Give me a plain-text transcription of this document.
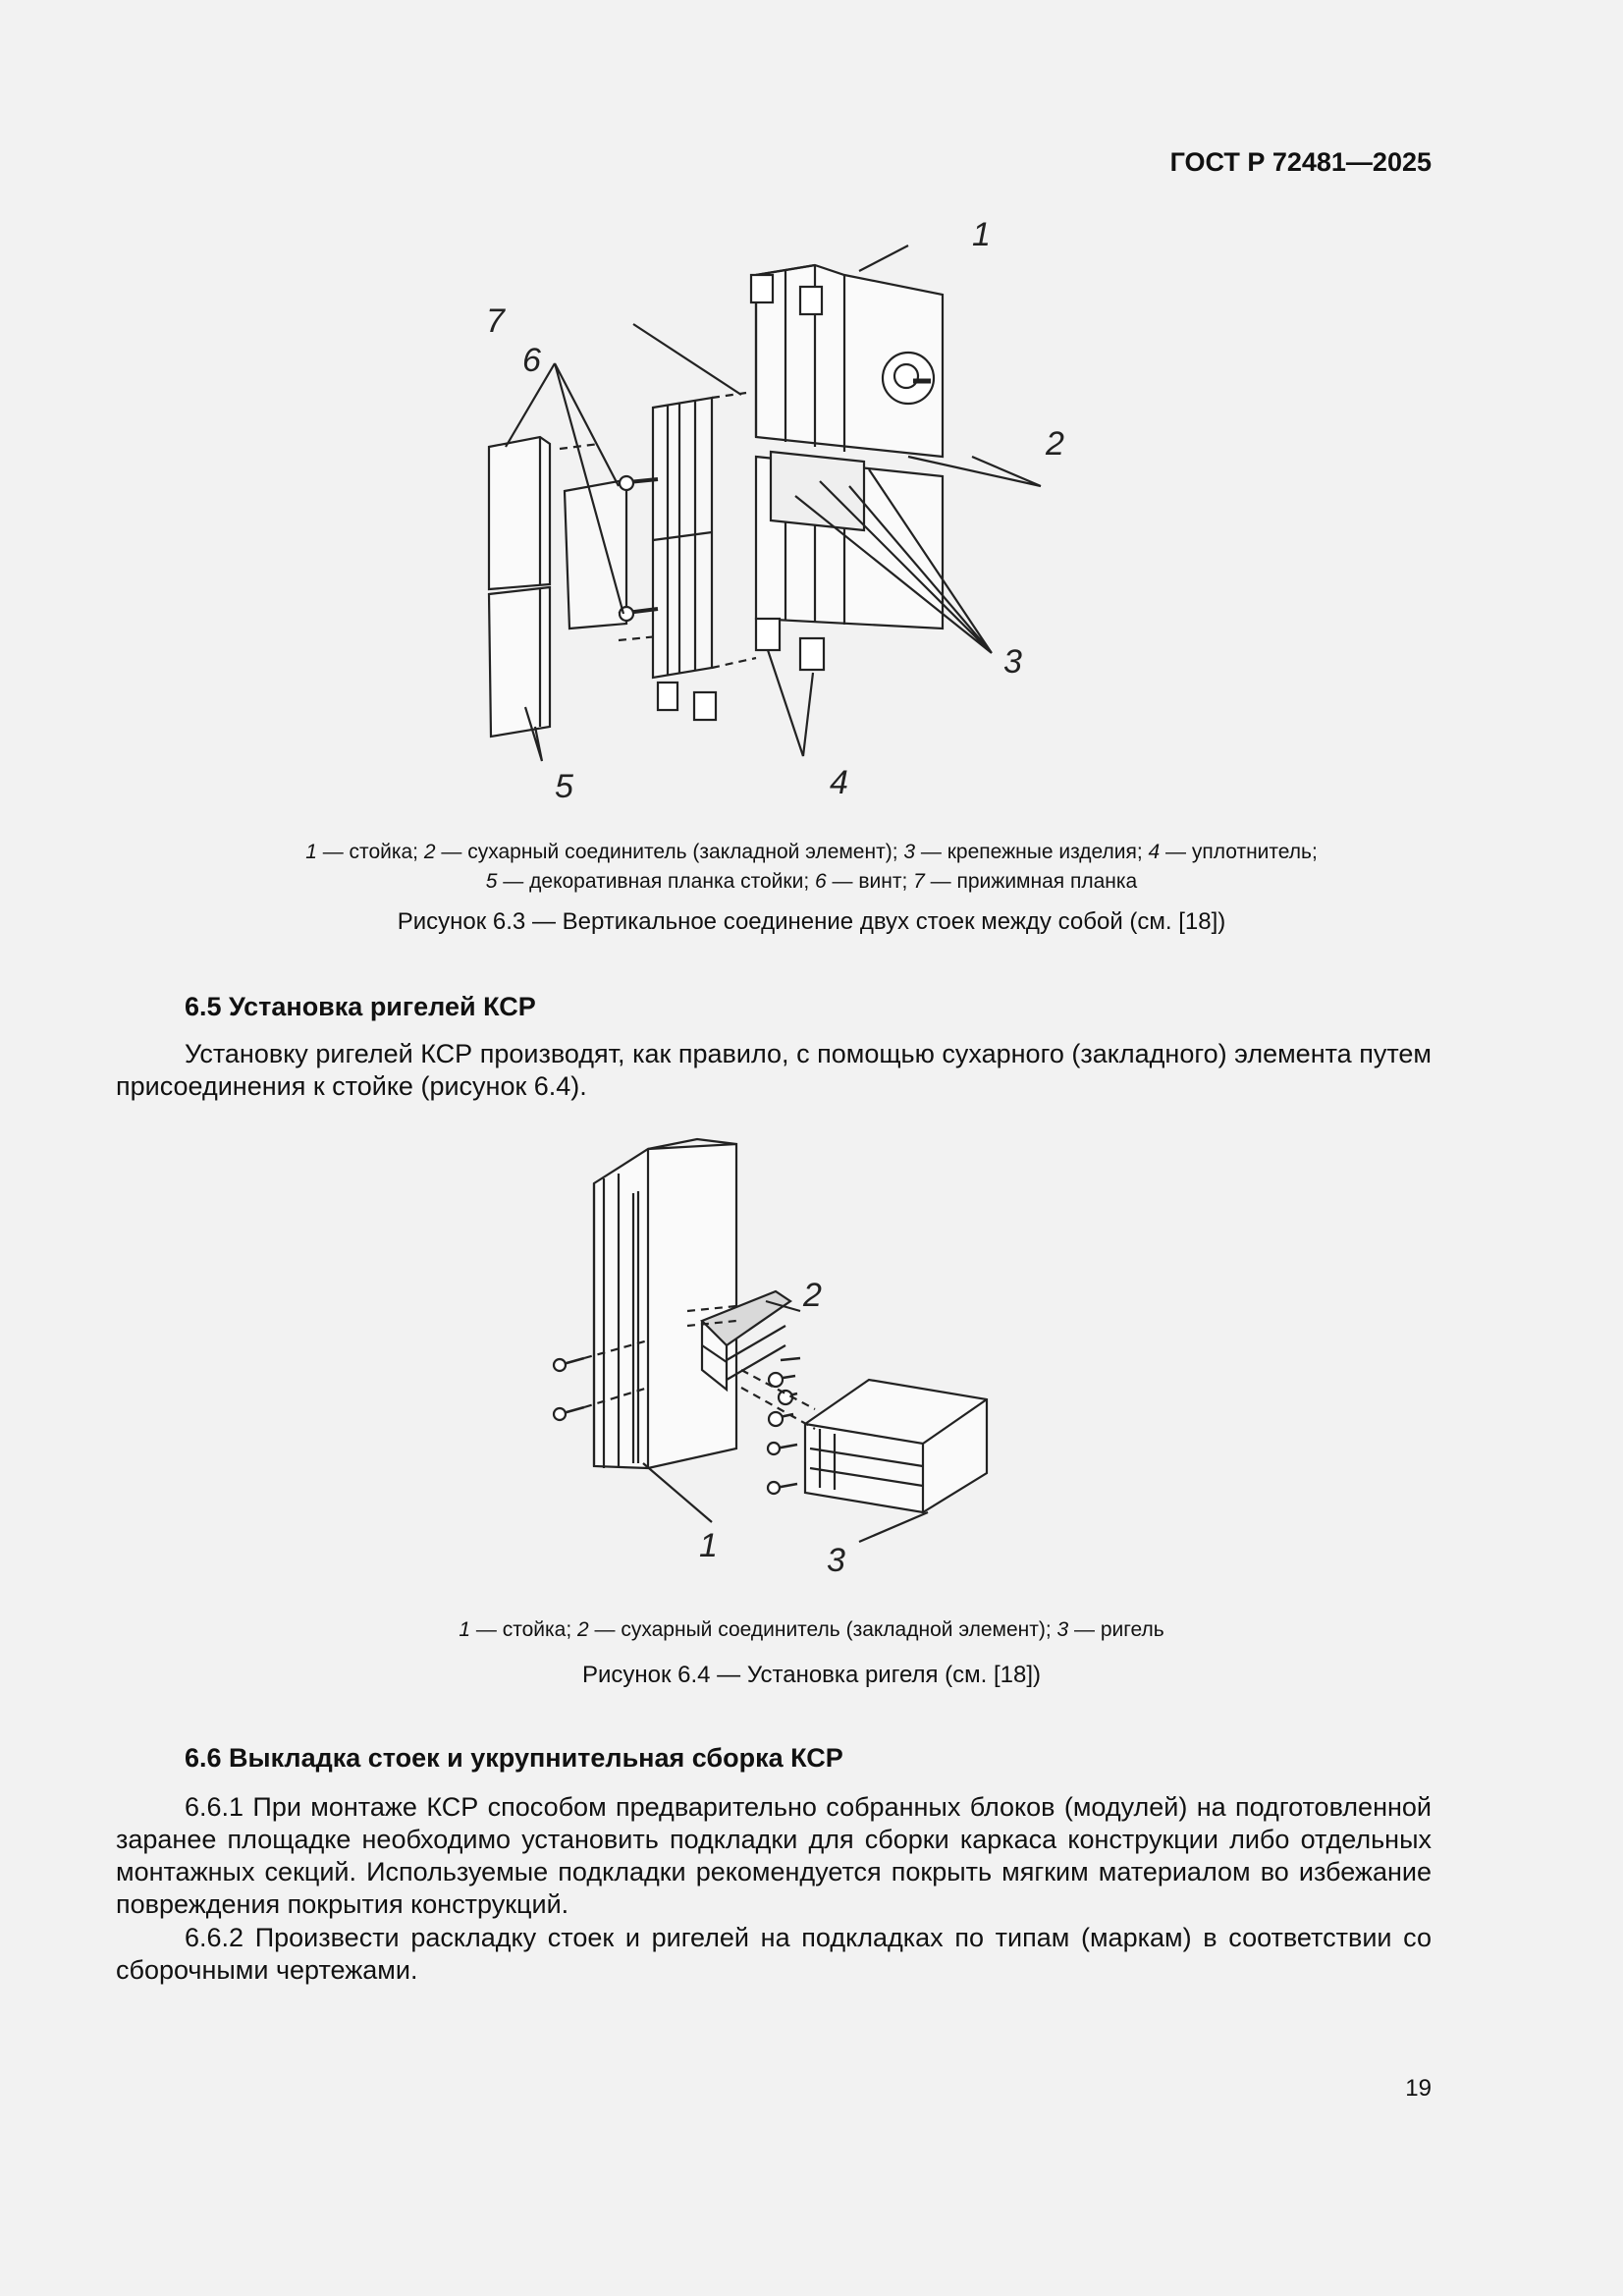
ГОСТ Р 72481—2025
1
2
3
4
5
6
7
1 — стойка; 2 — сухарный соединитель (закладной элемент); 3 — крепежные изделия; 4 — уплотнитель;
5 — декоративная планка стойки; 6 — винт; 7 — прижимная планка
Рисунок 6.3 — Вертикальное соединение двух стоек между собой (см. [18])
6.5 Установка ригелей КСР

Установку ригелей КСР производят, как правило, с помощью сухарного (закладного) элемента путем присоединения к стойке (рисунок 6.4).

2
1	3
1 — стойка; 2 — сухарный соединитель (закладной элемент); 3 — ригель
Рисунок 6.4 — Установка ригеля (см. [18])
6.6 Выкладка стоек и укрупнительная сборка КСР

6.6.1 При монтаже КСР способом предварительно собранных блоков (модулей) на подготовленной заранее площадке необходимо установить подкладки для сборки каркаса конструкции либо отдельных монтажных секций. Используемые подкладки рекомендуется покрыть мягким материалом во избежание повреждения покрытия конструкций.

6.6.2 Произвести раскладку стоек и ригелей на подкладках по типам (маркам) в соответствии со сборочными чертежами.

19
